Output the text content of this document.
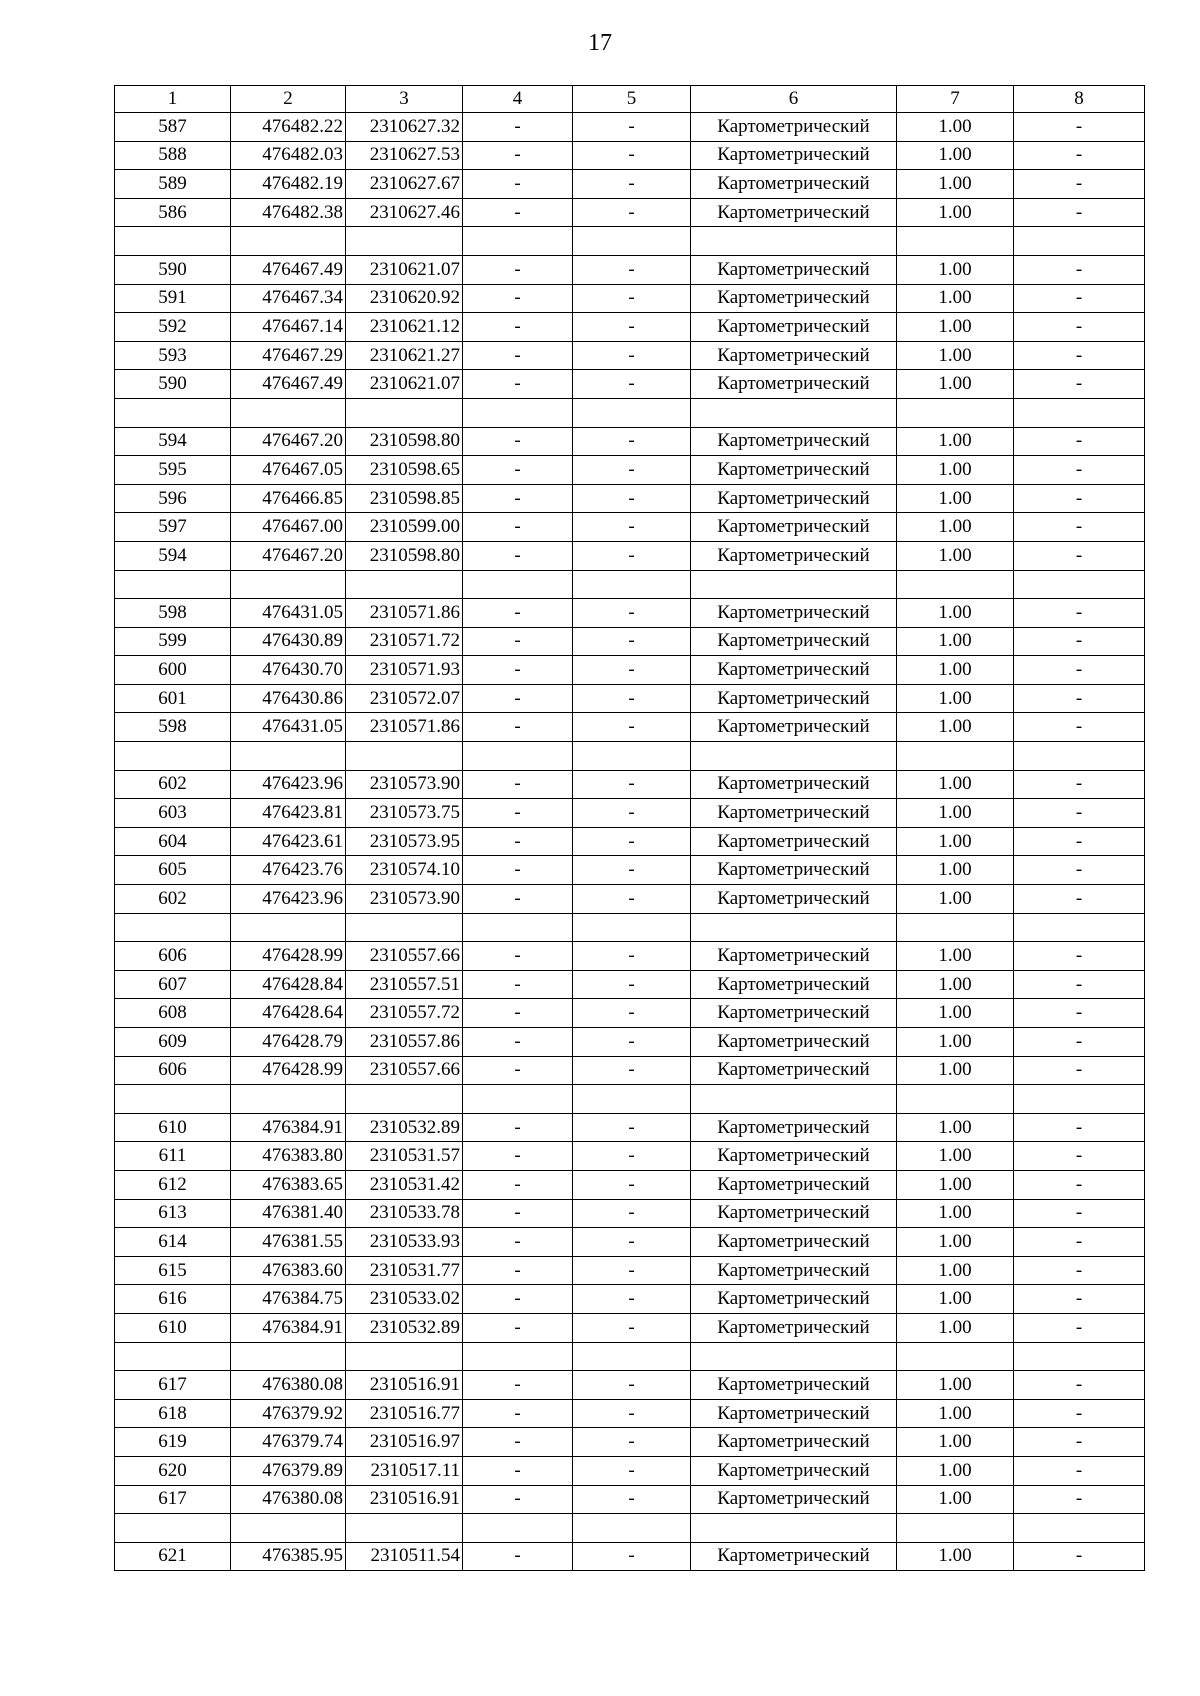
17
1	2	3	4	5	6	7	8
587	476482.22	2310627.32	-	-	Картометрический	1.00	-
588	476482.03	2310627.53	-	-	Картометрический	1.00	-
589	476482.19	2310627.67	-	-	Картометрический	1.00	-
586	476482.38	2310627.46	-	-	Картометрический	1.00	-

590	476467.49	2310621.07	-	-	Картометрический	1.00	-
591	476467.34	2310620.92	-	-	Картометрический	1.00	-
592	476467.14	2310621.12	-	-	Картометрический	1.00	-
593	476467.29	2310621.27	-	-	Картометрический	1.00	-
590	476467.49	2310621.07	-	-	Картометрический	1.00	-

594	476467.20	2310598.80	-	-	Картометрический	1.00	-
595	476467.05	2310598.65	-	-	Картометрический	1.00	-
596	476466.85	2310598.85	-	-	Картометрический	1.00	-
597	476467.00	2310599.00	-	-	Картометрический	1.00	-
594	476467.20	2310598.80	-	-	Картометрический	1.00	-

598	476431.05	2310571.86	-	-	Картометрический	1.00	-
599	476430.89	2310571.72	-	-	Картометрический	1.00	-
600	476430.70	2310571.93	-	-	Картометрический	1.00	-
601	476430.86	2310572.07	-	-	Картометрический	1.00	-
598	476431.05	2310571.86	-	-	Картометрический	1.00	-

602	476423.96	2310573.90	-	-	Картометрический	1.00	-
603	476423.81	2310573.75	-	-	Картометрический	1.00	-
604	476423.61	2310573.95	-	-	Картометрический	1.00	-
605	476423.76	2310574.10	-	-	Картометрический	1.00	-
602	476423.96	2310573.90	-	-	Картометрический	1.00	-

606	476428.99	2310557.66	-	-	Картометрический	1.00	-
607	476428.84	2310557.51	-	-	Картометрический	1.00	-
608	476428.64	2310557.72	-	-	Картометрический	1.00	-
609	476428.79	2310557.86	-	-	Картометрический	1.00	-
606	476428.99	2310557.66	-	-	Картометрический	1.00	-

610	476384.91	2310532.89	-	-	Картометрический	1.00	-
611	476383.80	2310531.57	-	-	Картометрический	1.00	-
612	476383.65	2310531.42	-	-	Картометрический	1.00	-
613	476381.40	2310533.78	-	-	Картометрический	1.00	-
614	476381.55	2310533.93	-	-	Картометрический	1.00	-
615	476383.60	2310531.77	-	-	Картометрический	1.00	-
616	476384.75	2310533.02	-	-	Картометрический	1.00	-
610	476384.91	2310532.89	-	-	Картометрический	1.00	-

617	476380.08	2310516.91	-	-	Картометрический	1.00	-
618	476379.92	2310516.77	-	-	Картометрический	1.00	-
619	476379.74	2310516.97	-	-	Картометрический	1.00	-
620	476379.89	2310517.11	-	-	Картометрический	1.00	-
617	476380.08	2310516.91	-	-	Картометрический	1.00	-

621	476385.95	2310511.54	-	-	Картометрический	1.00	-
